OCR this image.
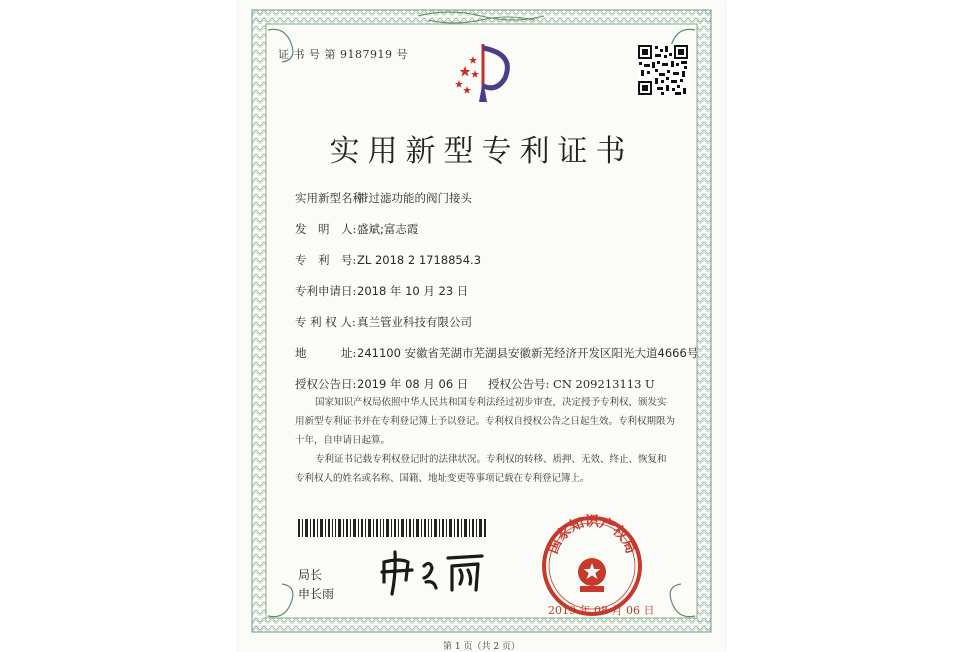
证 书 号 第 9187919 号
实用新型专利证书
实用新型名称:带过滤功能的阀门接头
发　明　人:盛斌;富志霞
专　利　号:ZL 2018 2 1718854.3
专利申请日:2018 年 10 月 23 日
专 利 权 人:真兰管业科技有限公司
地　　　址:241100 安徽省芜湖市芜湖县安徽新芜经济开发区阳光大道4666号
授权公告日:2019 年 08 月 06 日 授权公告号: CN 209213113 U
国家知识产权局依照中华人民共和国专利法经过初步审查，决定授予专利权，颁发实用新型专利证书并在专利登记簿上予以登记。专利权自授权公告之日起生效。专利权期限为十年，自申请日起算。
专利证书记载专利权登记时的法律状况。专利权的转移、质押、无效、终止、恢复和专利权人的姓名或名称、国籍、地址变更等事项记载在专利登记簿上。
局长
申长雨
国家知识产权局
2019 年 08 月 06 日
第 1 页（共 2 页）
